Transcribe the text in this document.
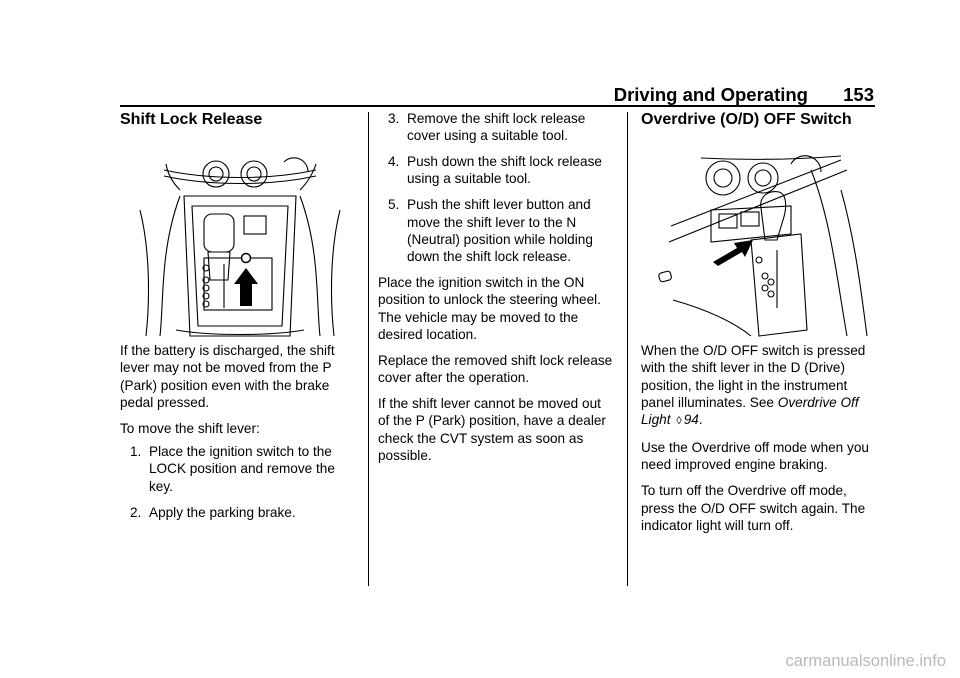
Driving and Operating 153
Shift Lock Release

If the battery is discharged, the shift lever may not be moved from the P (Park) position even with the brake pedal pressed.

To move the shift lever:

1. Place the ignition switch to the LOCK position and remove the key.
2. Apply the parking brake.
3. Remove the shift lock release cover using a suitable tool.
4. Push down the shift lock release using a suitable tool.
5. Push the shift lever button and move the shift lever to the N (Neutral) position while holding down the shift lock release.

Place the ignition switch in the ON position to unlock the steering wheel. The vehicle may be moved to the desired location.

Replace the removed shift lock release cover after the operation.

If the shift lever cannot be moved out of the P (Park) position, have a dealer check the CVT system as soon as possible.

Overdrive (O/D) OFF Switch

When the O/D OFF switch is pressed with the shift lever in the D (Drive) position, the light in the instrument panel illuminates. See Overdrive Off Light ◊ 94.

Use the Overdrive off mode when you need improved engine braking.

To turn off the Overdrive off mode, press the O/D OFF switch again. The indicator light will turn off.

carmanualsonline.info
